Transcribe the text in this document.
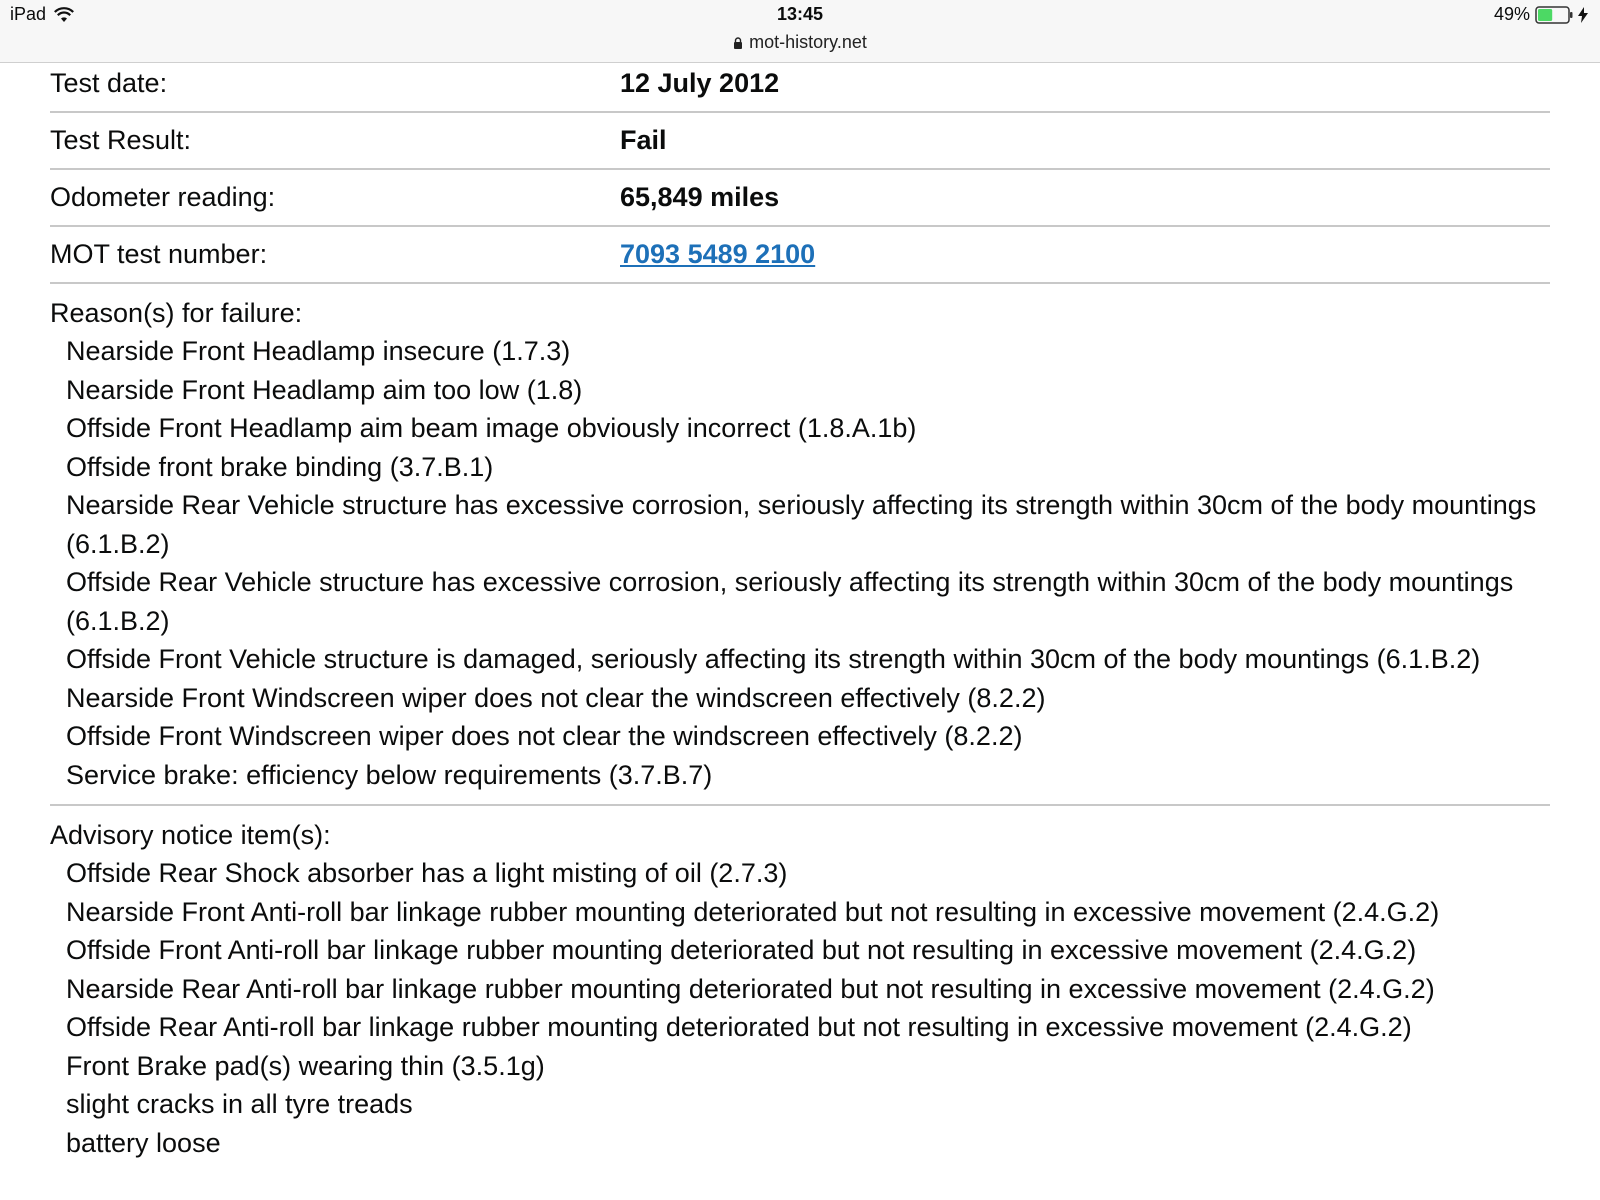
iPad	13:45	49%
mot-history.net
Test date:	12 July 2012
Test Result:	Fail
Odometer reading:	65,849 miles
MOT test number:	7093 5489 2100
Reason(s) for failure:
Nearside Front Headlamp insecure (1.7.3)
Nearside Front Headlamp aim too low (1.8)
Offside Front Headlamp aim beam image obviously incorrect (1.8.A.1b)
Offside front brake binding (3.7.B.1)
Nearside Rear Vehicle structure has excessive corrosion, seriously affecting its strength within 30cm of the body mountings (6.1.B.2)
Offside Rear Vehicle structure has excessive corrosion, seriously affecting its strength within 30cm of the body mountings (6.1.B.2)
Offside Front Vehicle structure is damaged, seriously affecting its strength within 30cm of the body mountings (6.1.B.2)
Nearside Front Windscreen wiper does not clear the windscreen effectively (8.2.2)
Offside Front Windscreen wiper does not clear the windscreen effectively (8.2.2)
Service brake: efficiency below requirements (3.7.B.7)
Advisory notice item(s):
Offside Rear Shock absorber has a light misting of oil (2.7.3)
Nearside Front Anti-roll bar linkage rubber mounting deteriorated but not resulting in excessive movement (2.4.G.2)
Offside Front Anti-roll bar linkage rubber mounting deteriorated but not resulting in excessive movement (2.4.G.2)
Nearside Rear Anti-roll bar linkage rubber mounting deteriorated but not resulting in excessive movement (2.4.G.2)
Offside Rear Anti-roll bar linkage rubber mounting deteriorated but not resulting in excessive movement (2.4.G.2)
Front Brake pad(s) wearing thin (3.5.1g)
slight cracks in all tyre treads
battery loose
